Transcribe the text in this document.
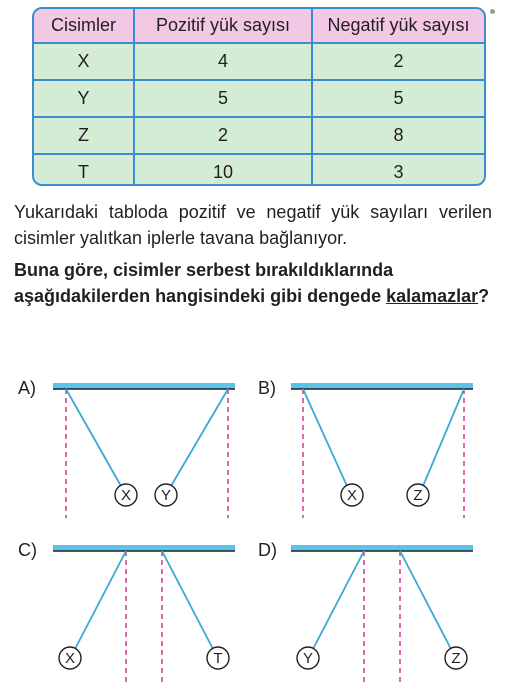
Cisimler	Pozitif yük sayısı	Negatif yük sayısı
X	4	2
Y	5	5
Z	2	8
T	10	3

Yukarıdaki tabloda pozitif ve negatif yük sayıları verilen cisimler yalıtkan iplerle tavana bağlanıyor.

Buna göre, cisimler serbest bırakıldıklarında aşağıdakilerden hangisindeki gibi dengede kalamazlar?

A)
X Y
B)
X	Z
C)
X	T
D)
Y	Z
